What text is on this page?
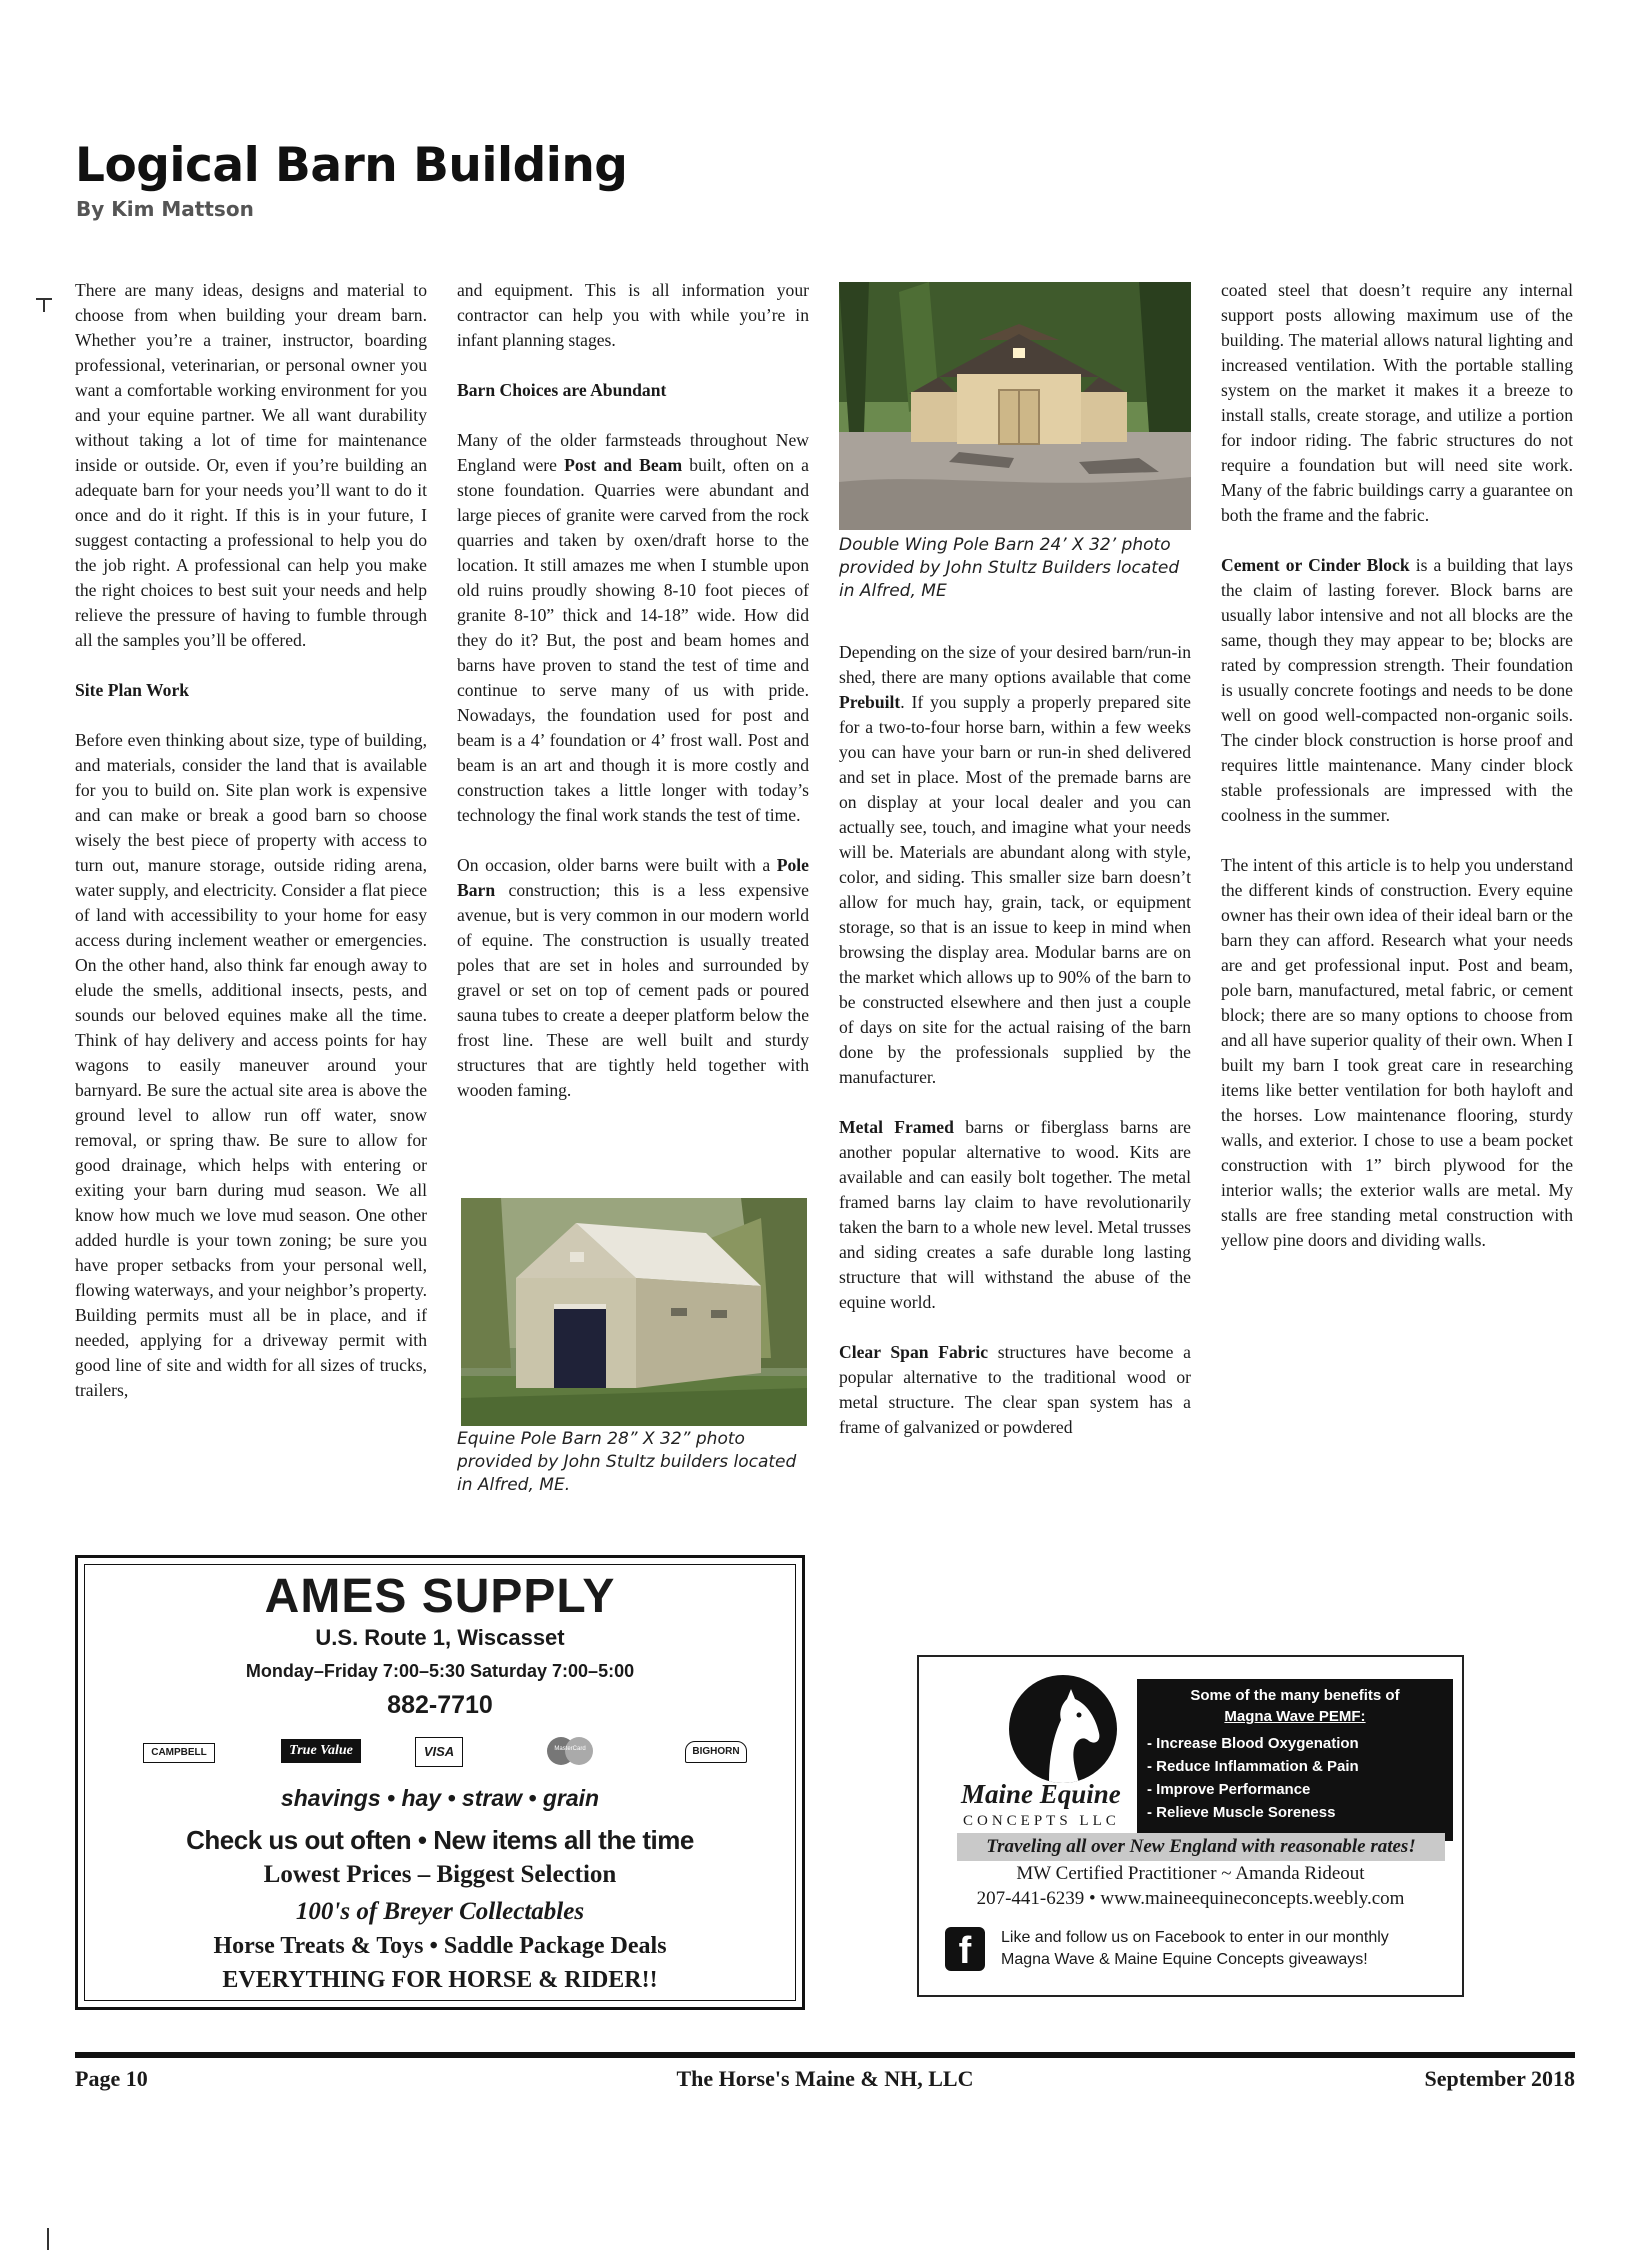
Logical Barn Building
By Kim Mattson

There are many ideas, designs and material to choose from when building your dream barn. Whether you’re a trainer, instructor, boarding professional, veterinarian, or personal owner you want a comfortable working environment for you and your equine partner. We all want durability without taking a lot of time for maintenance inside or outside. Or, even if you’re building an adequate barn for your needs you’ll want to do it once and do it right. If this is in your future, I suggest contacting a professional to help you do the job right. A professional can help you make the right choices to best suit your needs and help relieve the pressure of having to fumble through all the samples you’ll be offered.

Site Plan Work

Before even thinking about size, type of building, and materials, consider the land that is available for you to build on. Site plan work is expensive and can make or break a good barn so choose wisely the best piece of property with access to turn out, manure storage, outside riding arena, water supply, and electricity. Consider a flat piece of land with accessibility to your home for easy access during inclement weather or emergencies. On the other hand, also think far enough away to elude the smells, additional insects, pests, and sounds our beloved equines make all the time. Think of hay delivery and access points for hay wagons to easily maneuver around your barnyard. Be sure the actual site area is above the ground level to allow run off water, snow removal, or spring thaw. Be sure to allow for good drainage, which helps with entering or exiting your barn during mud season. We all know how much we love mud season. One other added hurdle is your town zoning; be sure you have proper setbacks from your personal well, flowing waterways, and your neighbor’s property. Building permits must all be in place, and if needed, applying for a driveway permit with good line of site and width for all sizes of trucks, trailers,

and equipment. This is all information your contractor can help you with while you’re in infant planning stages.

Barn Choices are Abundant

Many of the older farmsteads throughout New England were Post and Beam built, often on a stone foundation. Quarries were abundant and large pieces of granite were carved from the rock quarries and taken by oxen/draft horse to the location. It still amazes me when I stumble upon old ruins proudly showing 8-10 foot pieces of granite 8-10” thick and 14-18” wide. How did they do it? But, the post and beam homes and barns have proven to stand the test of time and continue to serve many of us with pride. Nowadays, the foundation used for post and beam is a 4’ foundation or 4’ frost wall. Post and beam is an art and though it is more costly and construction takes a little longer with today’s technology the final work stands the test of time.

On occasion, older barns were built with a Pole Barn construction; this is a less expensive avenue, but is very common in our modern world of equine. The construction is usually treated poles that are set in holes and surrounded by gravel or set on top of cement pads or poured sauna tubes to create a deeper platform below the frost line. These are well built and sturdy structures that are tightly held together with wooden faming.

Double Wing Pole Barn 24’ X 32’ photo provided by John Stultz Builders located in Alfred, ME

Depending on the size of your desired barn/run-in shed, there are many options available that come Prebuilt. If you supply a properly prepared site for a two-to-four horse barn, within a few weeks you can have your barn or run-in shed delivered and set in place. Most of the premade barns are on display at your local dealer and you can actually see, touch, and imagine what your needs will be. Materials are abundant along with style, color, and siding. This smaller size barn doesn’t allow for much hay, grain, tack, or equipment storage, so that is an issue to keep in mind when browsing the display area. Modular barns are on the market which allows up to 90% of the barn to be constructed elsewhere and then just a couple of days on site for the actual raising of the barn done by the professionals supplied by the manufacturer.

Metal Framed barns or fiberglass barns are another popular alternative to wood. Kits are available and can easily bolt together. The metal framed barns lay claim to have revolutionarily taken the barn to a whole new level. Metal trusses and siding creates a safe durable long lasting structure that will withstand the abuse of the equine world.

Clear Span Fabric structures have become a popular alternative to the traditional wood or metal structure. The clear span system has a frame of galvanized or powdered

Equine Pole Barn 28” X 32” photo provided by John Stultz builders located in Alfred, ME.

coated steel that doesn’t require any internal support posts allowing maximum use of the building. The material allows natural lighting and increased ventilation. With the portable stalling system on the market it makes it a breeze to install stalls, create storage, and utilize a portion for indoor riding. The fabric structures do not require a foundation but will need site work. Many of the fabric buildings carry a guarantee on both the frame and the fabric.

Cement or Cinder Block is a building that lays the claim of lasting forever. Block barns are usually labor intensive and not all blocks are the same, though they may appear to be; blocks are rated by compression strength. Their foundation is usually concrete footings and needs to be done well on good well-compacted non-organic soils. The cinder block construction is horse proof and requires little maintenance. Many cinder block stable professionals are impressed with the coolness in the summer.

The intent of this article is to help you understand the different kinds of construction. Every equine owner has their own idea of their ideal barn or the barn they can afford. Research what your needs are and get professional input. Post and beam, pole barn, manufactured, metal fabric, or cement block; there are so many options to choose from and all have superior quality of their own. When I built my barn I took great care in researching items like better ventilation for both hayloft and the horses. Low maintenance flooring, sturdy walls, and exterior. I chose to use a beam pocket construction with 1” birch plywood for the interior walls; the exterior walls are metal. My stalls are free standing metal construction with yellow pine doors and dividing walls.

AMES SUPPLY
U.S. Route 1, Wiscasset
Monday–Friday 7:00–5:30 Saturday 7:00–5:00
882-7710
CAMPBELL	True Value	VISA	MasterCard	BIGHORN
shavings • hay • straw • grain
Check us out often • New items all the time
Lowest Prices – Biggest Selection
100's of Breyer Collectables
Horse Treats & Toys • Saddle Package Deals
EVERYTHING FOR HORSE & RIDER!!
Maine Equine
CONCEPTS LLC
Some of the many benefits of
Magna Wave PEMF:
- Increase Blood Oxygenation
- Reduce Inflammation & Pain
- Improve Performance
- Relieve Muscle Soreness
Traveling all over New England with reasonable rates!
MW Certified Practitioner ~ Amanda Rideout
207-441-6239 • www.maineequineconcepts.weebly.com
f	Like and follow us on Facebook to enter in our monthly
Magna Wave & Maine Equine Concepts giveaways!
Page 10	The Horse's Maine & NH, LLC	September 2018
